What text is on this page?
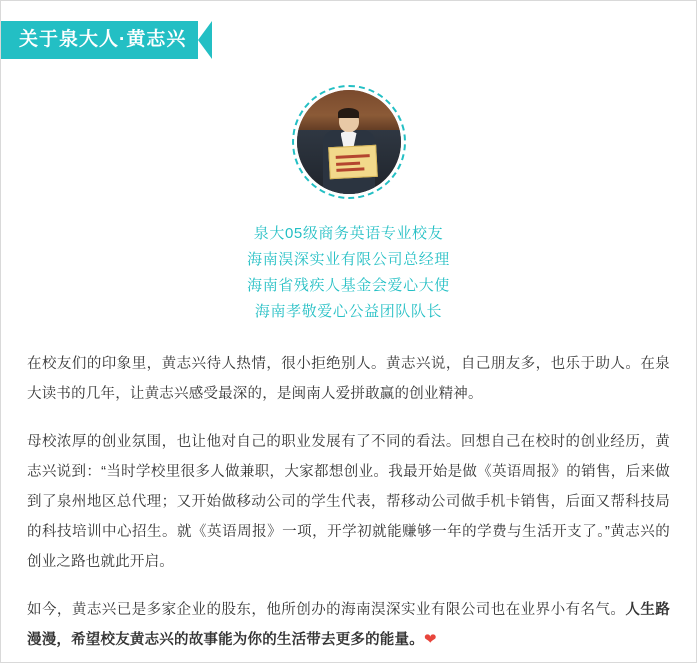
关于泉大人·黄志兴
泉大05级商务英语专业校友
海南淏深实业有限公司总经理
海南省残疾人基金会爱心大使
海南孝敬爱心公益团队队长

在校友们的印象里，黄志兴待人热情，很小拒绝别人。黄志兴说，自己朋友多，也乐于助人。在泉大读书的几年，让黄志兴感受最深的，是闽南人爱拼敢赢的创业精神。

母校浓厚的创业氛围，也让他对自己的职业发展有了不同的看法。回想自己在校时的创业经历，黄志兴说到：“当时学校里很多人做兼职，大家都想创业。我最开始是做《英语周报》的销售，后来做到了泉州地区总代理；又开始做移动公司的学生代表，帮移动公司做手机卡销售，后面又帮科技局的科技培训中心招生。就《英语周报》一项，开学初就能赚够一年的学费与生活开支了。”黄志兴的创业之路也就此开启。

如今，黄志兴已是多家企业的股东，他所创办的海南淏深实业有限公司也在业界小有名气。人生路漫漫，希望校友黄志兴的故事能为你的生活带去更多的能量。❤
